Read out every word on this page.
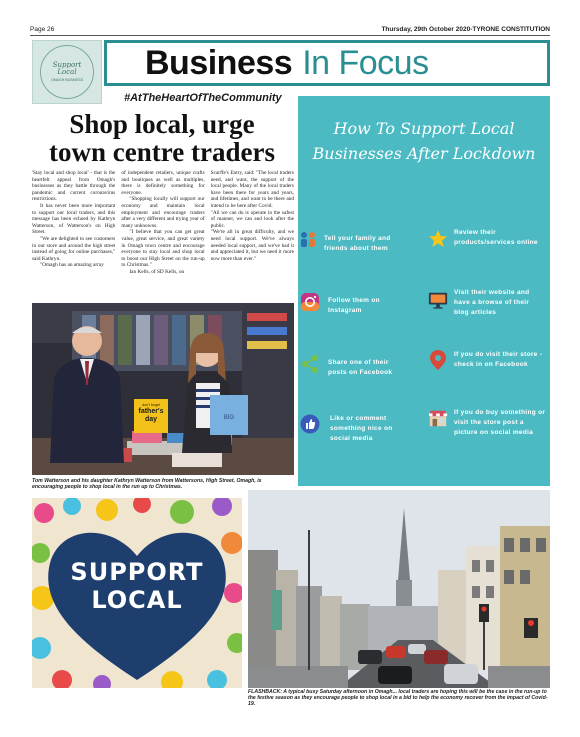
Page 26	Thursday, 29th October 2020-TYRONE CONSTITUTION
Support
Local
OMAGH BUSINESS Business In Focus
#AtTheHeartOfTheCommunity
Shop local, urge
town centre traders

'Stay local and shop local' - that is the heartfelt appeal from Omagh's businesses as they battle through the pandemic and current coronavirus restrictions.

It has never been more important to support our local traders, and this message has been echoed by Kathryn Watterson, of Watterson's on High Street.

"We are delighted to see customers in our store and around the high street instead of going for online purchases," said Kathryn.

"Omagh has an amazing array

of independent retailers, unique crafts and boutiques as well as multiples, there is definitely something for everyone.

"Shopping locally will support our economy and maintain local employment and encourage traders after a very different and trying year of many unknowns.

"I believe that you can get great value, great service, and great variety in Omagh town centre and encourage everyone to stay local and shop local to boost our High Street on the run-up to Christmas."

Ian Kells, of SD Kells, on

Scarffe's Entry, said: "The local traders need, and want, the support of the local people. Many of the local traders have been there for years and years, and lifetimes, and want to be there and intend to be here after Covid.

"All we can do is operate in the safest of manner, we can and look after the public.

"We're all in great difficulty, and we need local support. We've always needed local support, and we've had it and appreciated it, but we need it more now more than ever."

BIG
don't forget
father's
day
Tom Watterson and his daughter Kathryn Watterson from Wattersons, High Street, Omagh, is encouraging people to shop local in the run up to Christmas.
How To Support Local
Businesses After Lockdown
Tell your family and friends about them
Review their products/services online
Follow them on Instagram
Visit their website and have a browse of their blog articles
Share one of their posts on Facebook
If you do visit their store - check in on Facebook
Like or comment something nice on social media
If you do buy something or visit the store post a picture on social media
SUPPORT
LOCAL
FLASHBACK: A typical busy Saturday afternoon in Omagh... local traders are hoping this will be the case in the run-up to the festive season as they encourage people to shop local in a bid to help the economy recover from the impact of Covid-19.
